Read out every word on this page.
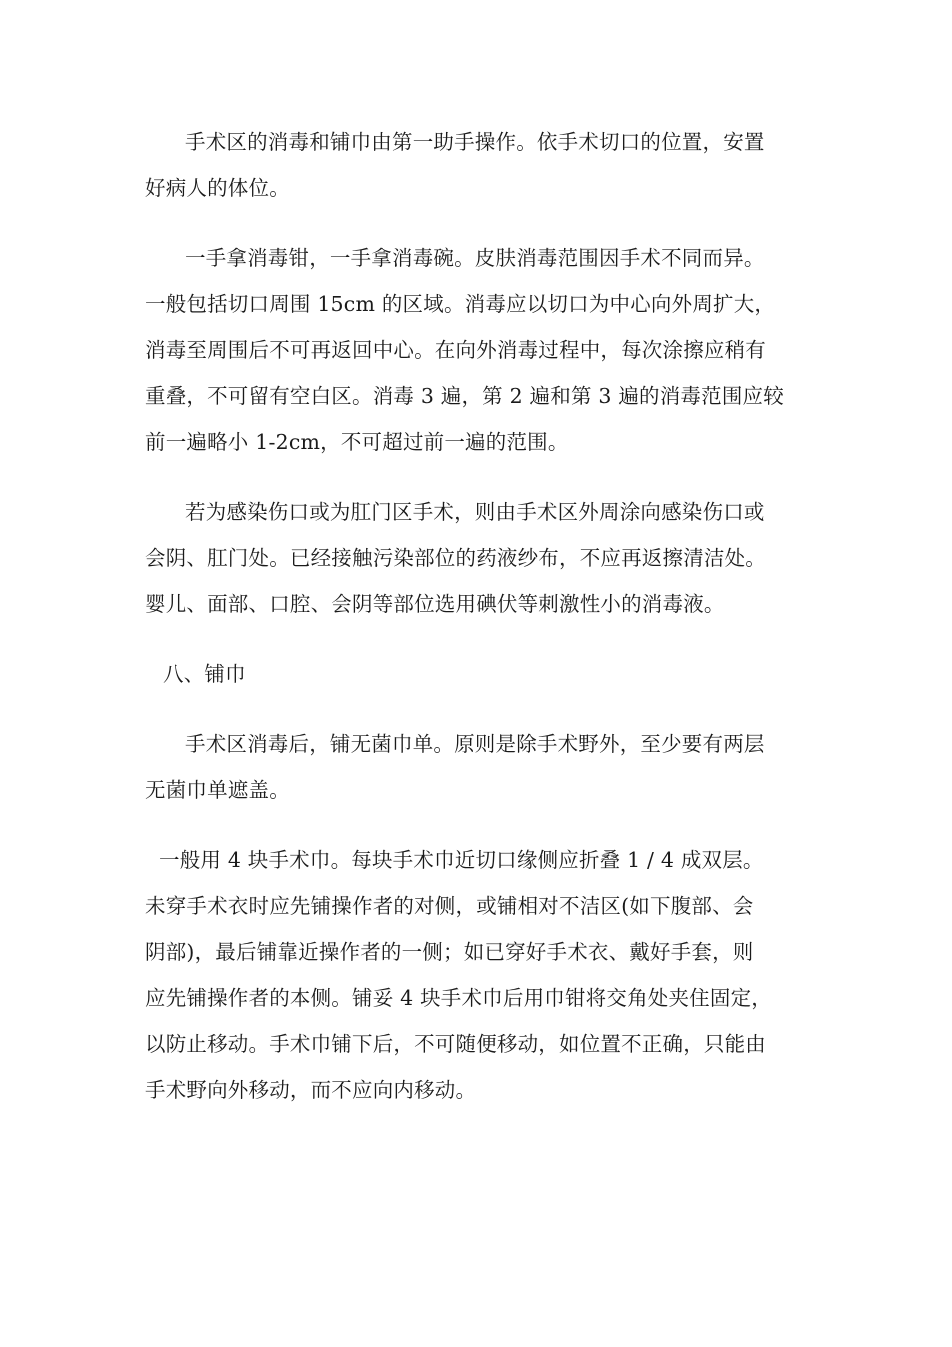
手术区的消毒和铺巾由第一助手操作。依手术切口的位置，安置
好病人的体位。
一手拿消毒钳，一手拿消毒碗。皮肤消毒范围因手术不同而异。
一般包括切口周围 15cm 的区域。消毒应以切口为中心向外周扩大，
消毒至周围后不可再返回中心。在向外消毒过程中，每次涂擦应稍有
重叠，不可留有空白区。消毒 3 遍，第 2 遍和第 3 遍的消毒范围应较
前一遍略小 1-2cm，不可超过前一遍的范围。
若为感染伤口或为肛门区手术，则由手术区外周涂向感染伤口或
会阴、肛门处。已经接触污染部位的药液纱布，不应再返擦清洁处。
婴儿、面部、口腔、会阴等部位选用碘伏等刺激性小的消毒液。
八、铺巾
手术区消毒后，铺无菌巾单。原则是除手术野外，至少要有两层
无菌巾单遮盖。
一般用 4 块手术巾。每块手术巾近切口缘侧应折叠 1 / 4 成双层。
未穿手术衣时应先铺操作者的对侧，或铺相对不洁区(如下腹部、会
阴部)，最后铺靠近操作者的一侧；如已穿好手术衣、戴好手套，则
应先铺操作者的本侧。铺妥 4 块手术巾后用巾钳将交角处夹住固定，
以防止移动。手术巾铺下后，不可随便移动，如位置不正确，只能由
手术野向外移动，而不应向内移动。
